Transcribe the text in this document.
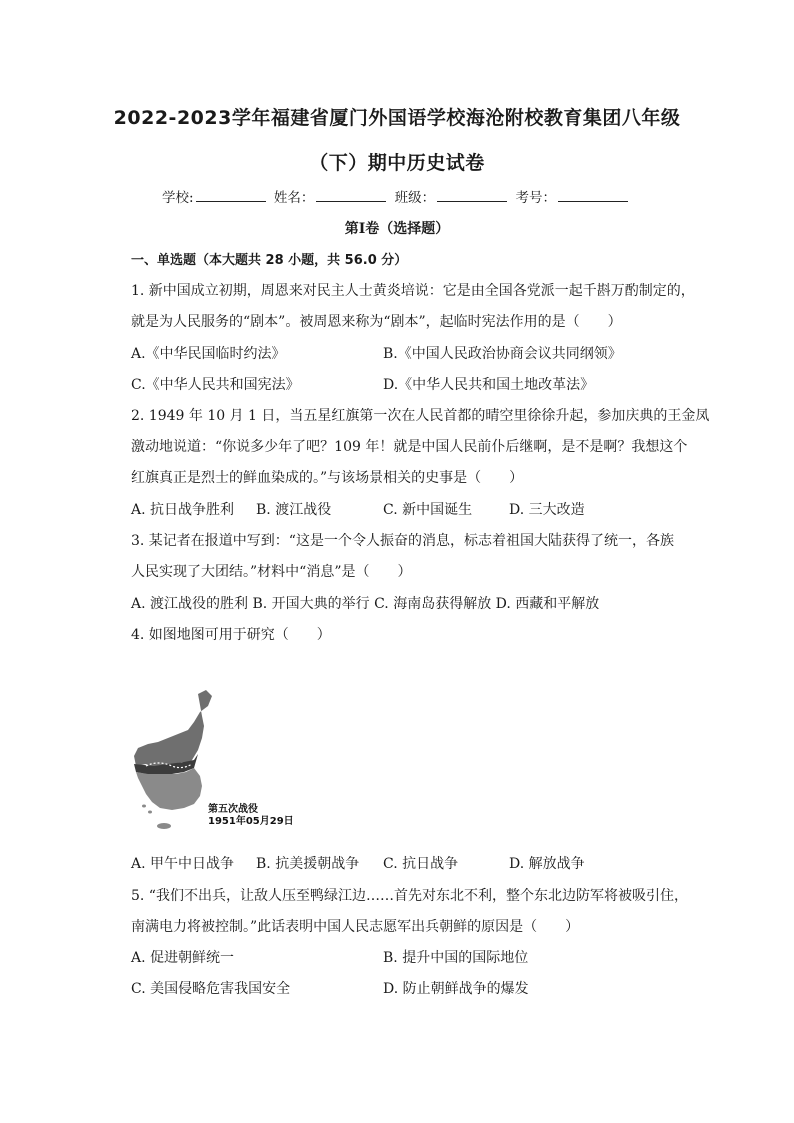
2022-2023学年福建省厦门外国语学校海沧附校教育集团八年级
（下）期中历史试卷
学校:	姓名：	班级：	考号：
第Ⅰ卷（选择题）
一、单选题（本大题共 28 小题，共 56.0 分）
1. 新中国成立初期，周恩来对民主人士黄炎培说：它是由全国各党派一起千斟万酌制定的，
就是为人民服务的“剧本”。被周恩来称为“剧本”，起临时宪法作用的是（　　）
A.《中华民国临时约法》	B.《中国人民政治协商会议共同纲领》
C.《中华人民共和国宪法》	D.《中华人民共和国土地改革法》
2. 1949 年 10 月 1 日，当五星红旗第一次在人民首都的晴空里徐徐升起，参加庆典的王金凤
激动地说道：“你说多少年了吧？109 年！就是中国人民前仆后继啊，是不是啊？我想这个
红旗真正是烈士的鲜血染成的。”与该场景相关的史事是（　　）
A. 抗日战争胜利 B. 渡江战役	C. 新中国诞生	D. 三大改造
3. 某记者在报道中写到：“这是一个令人振奋的消息，标志着祖国大陆获得了统一，各族
人民实现了大团结。”材料中“消息”是（　　）
A. 渡江战役的胜利 B. 开国大典的举行 C. 海南岛获得解放 D. 西藏和平解放
4. 如图地图可用于研究（　　）
第五次战役
1951年05月29日
A. 甲午中日战争 B. 抗美援朝战争 C. 抗日战争	D. 解放战争
5. “我们不出兵，让敌人压至鸭绿江边……首先对东北不利，整个东北边防军将被吸引住，
南满电力将被控制。”此话表明中国人民志愿军出兵朝鲜的原因是（　　）
A. 促进朝鲜统一	B. 提升中国的国际地位
C. 美国侵略危害我国安全	D. 防止朝鲜战争的爆发
